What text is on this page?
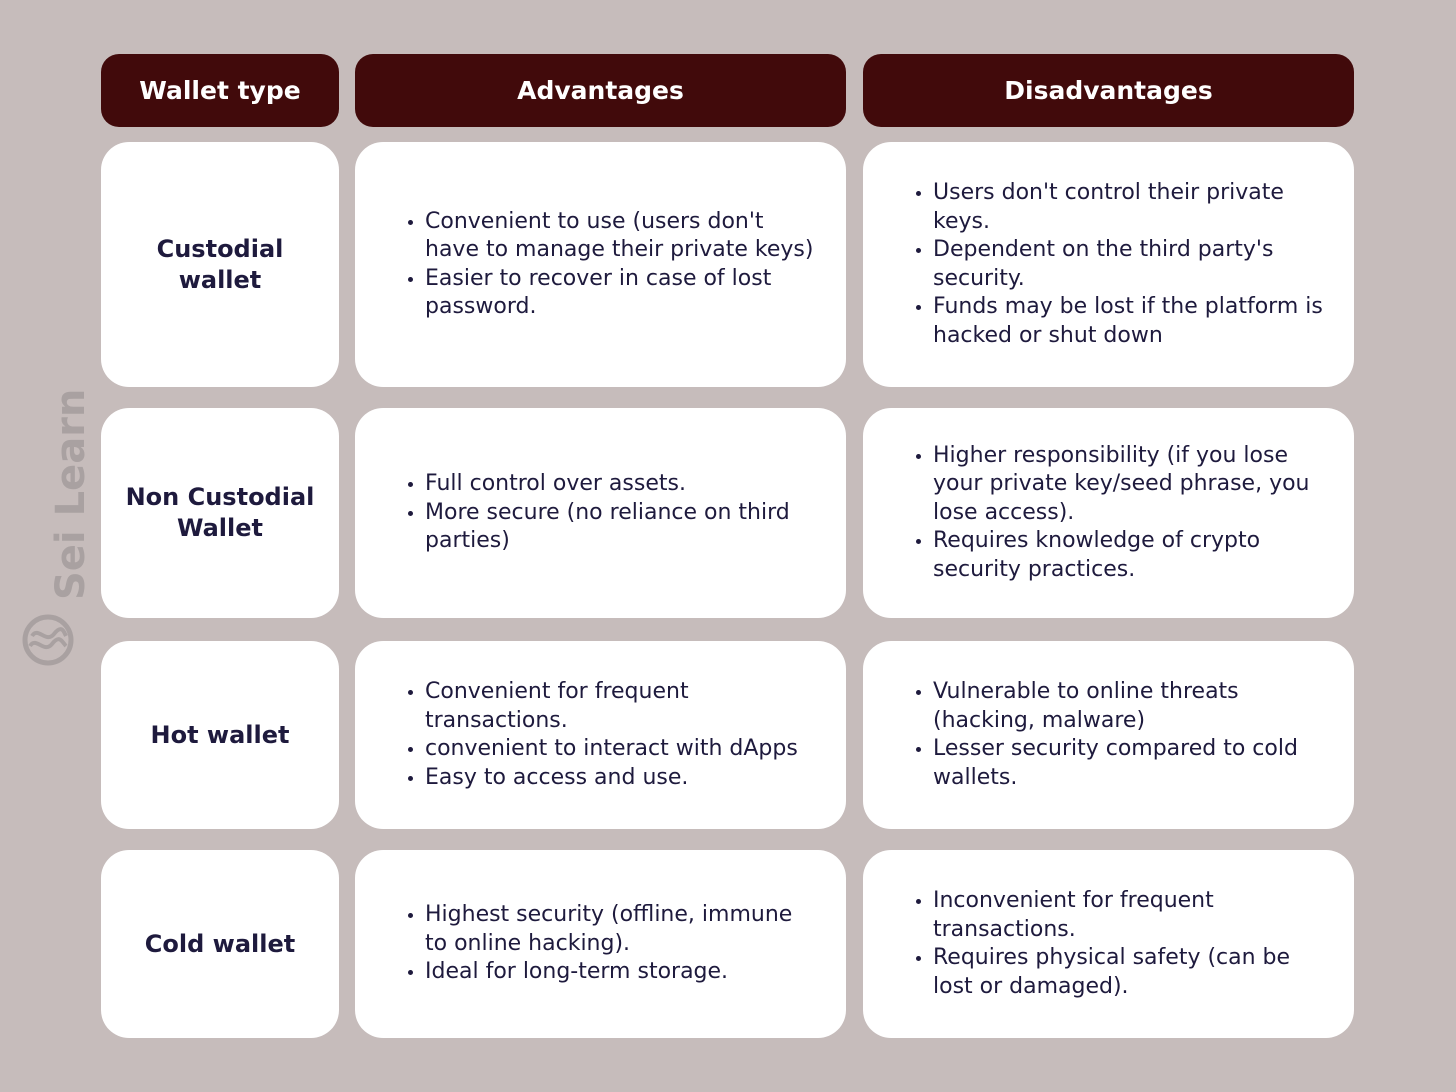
Sei Learn
Wallet type	Advantages	Disadvantages
Custodial wallet
• Convenient to use (users don't have to manage their private keys)
• Easier to recover in case of lost password.
• Users don't control their private keys.
• Dependent on the third party's security.
• Funds may be lost if the platform is hacked or shut down
Non Custodial Wallet
• Full control over assets.
• More secure (no reliance on third parties)
• Higher responsibility (if you lose your private key/seed phrase, you lose access).
• Requires knowledge of crypto security practices.
Hot wallet
• Convenient for frequent transactions.
• convenient to interact with dApps
• Easy to access and use.
• Vulnerable to online threats (hacking, malware)
• Lesser security compared to cold wallets.
Cold wallet
• Highest security (offline, immune to online hacking).
• Ideal for long-term storage.
• Inconvenient for frequent transactions.
• Requires physical safety (can be lost or damaged).
